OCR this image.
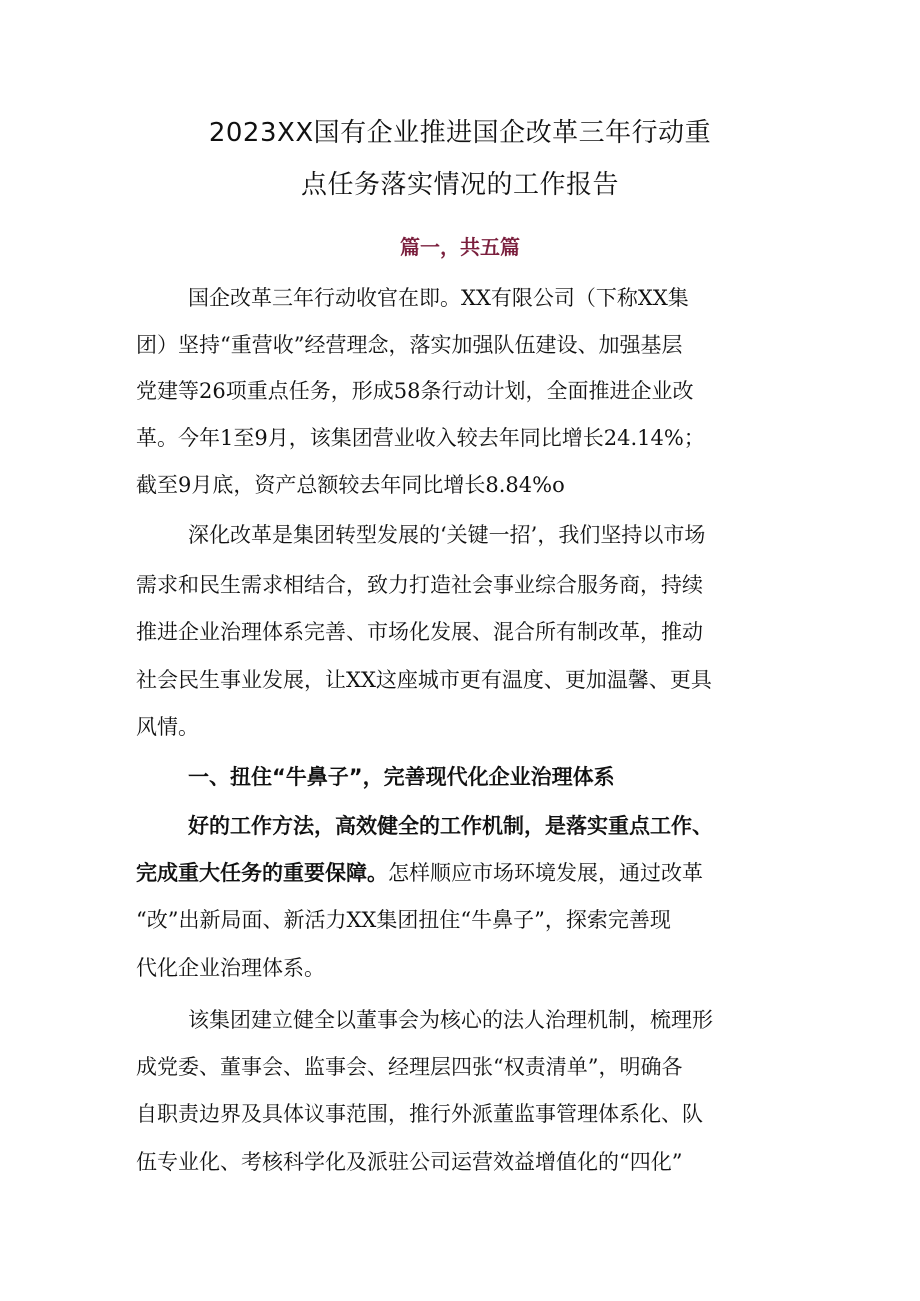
2023XX国有企业推进国企改革三年行动重
点任务落实情况的工作报告
篇一，共五篇
国企改革三年行动收官在即。XX有限公司（下称XX集
团）坚持“重营收”经营理念，落实加强队伍建设、加强基层
党建等26项重点任务，形成58条行动计划，全面推进企业改
革。今年1至9月，该集团营业收入较去年同比增长24.14%；
截至9月底，资产总额较去年同比增长8.84%o
深化改革是集团转型发展的‘关键一招’，我们坚持以市场
需求和民生需求相结合，致力打造社会事业综合服务商，持续
推进企业治理体系完善、市场化发展、混合所有制改革，推动
社会民生事业发展，让XX这座城市更有温度、更加温馨、更具
风情。
一、扭住“牛鼻子”，完善现代化企业治理体系
好的工作方法，高效健全的工作机制，是落实重点工作、
完成重大任务的重要保障。怎样顺应市场环境发展，通过改革
“改”出新局面、新活力XX集团扭住“牛鼻子”，探索完善现
代化企业治理体系。
该集团建立健全以董事会为核心的法人治理机制，梳理形
成党委、董事会、监事会、经理层四张“权责清单”，明确各
自职责边界及具体议事范围，推行外派董监事管理体系化、队
伍专业化、考核科学化及派驻公司运营效益增值化的“四化”
